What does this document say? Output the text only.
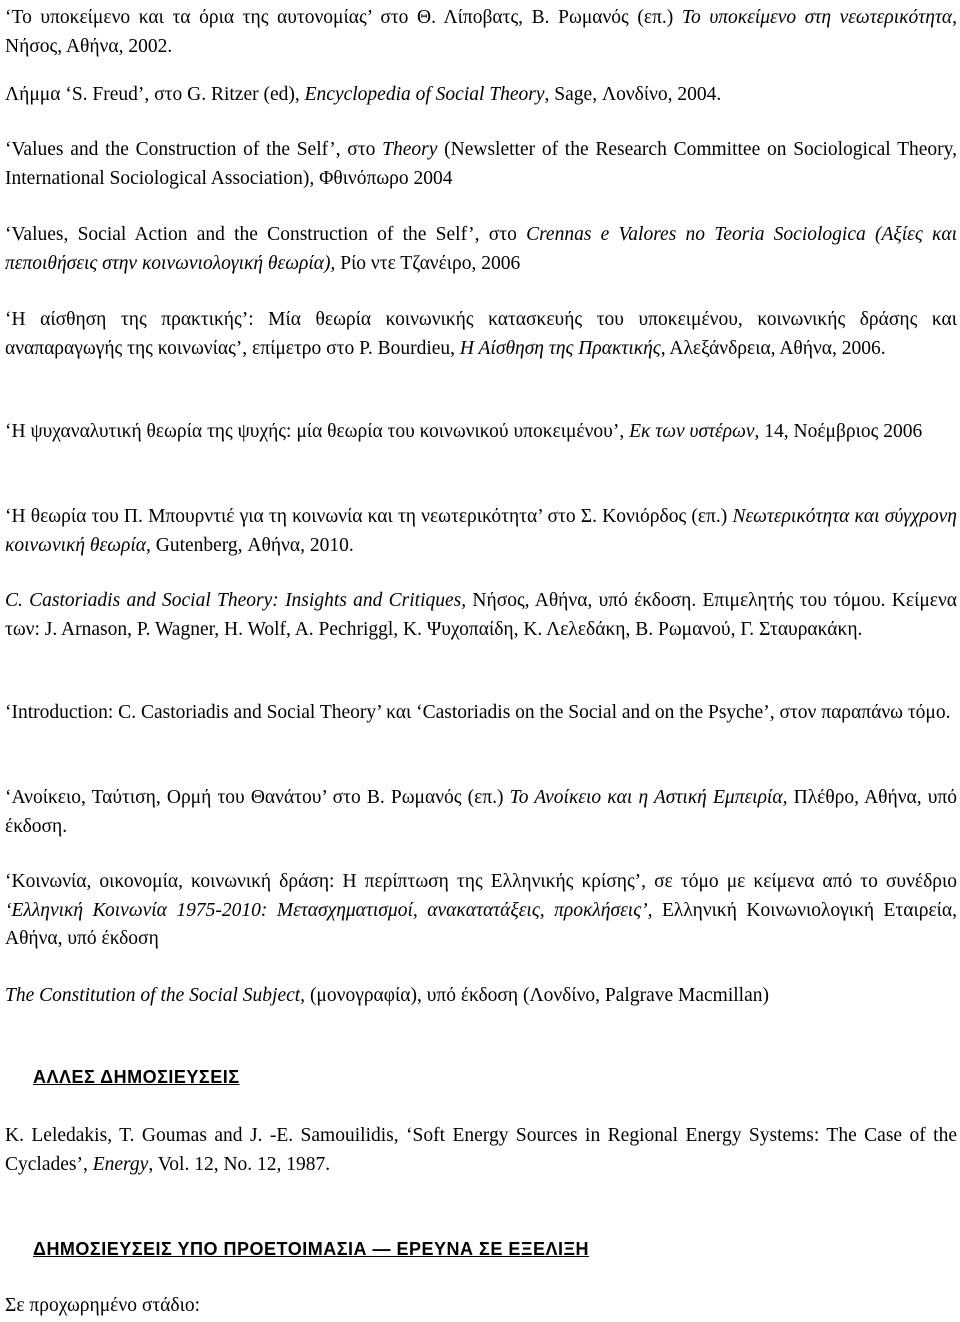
‘Το υποκείμενο και τα όρια της αυτονομίας’ στο Θ. Λίποβατς, Β. Ρωμανός (επ.) Το υποκείμενο στη νεωτερικότητα, Νήσος, Αθήνα, 2002.

Λήμμα ‘S. Freud’, στο G. Ritzer (ed), Encyclopedia of Social Theory, Sage, Λονδίνο, 2004.

‘Values and the Construction of the Self’, στο Theory (Newsletter of the Research Committee on Sociological Theory, International Sociological Association), Φθινόπωρο 2004

‘Values, Social Action and the Construction of the Self’, στο Crennas e Valores no Teoria Sociologica (Αξίες και πεποιθήσεις στην κοινωνιολογική θεωρία), Ρίο ντε Τζανέιρο, 2006

‘Η αίσθηση της πρακτικής’: Μία θεωρία κοινωνικής κατασκευής του υποκειμένου, κοινωνικής δράσης και αναπαραγωγής της κοινωνίας’, επίμετρο στο P. Bourdieu, Η Αίσθηση της Πρακτικής, Αλεξάνδρεια, Αθήνα, 2006.

‘Η ψυχαναλυτική θεωρία της ψυχής: μία θεωρία του κοινωνικού υποκειμένου’, Εκ των υστέρων, 14, Νοέμβριος 2006

‘Η θεωρία του Π. Μπουρντιέ για τη κοινωνία και τη νεωτερικότητα’ στο Σ. Κονιόρδος (επ.) Νεωτερικότητα και σύγχρονη κοινωνική θεωρία, Gutenberg, Αθήνα, 2010.

C. Castoriadis and Social Theory: Insights and Critiques, Νήσος, Αθήνα, υπό έκδοση. Επιμελητής του τόμου. Κείμενα των: J. Arnason, P. Wagner, H. Wolf, A. Pechriggl, K. Ψυχοπαίδη, Κ. Λελεδάκη, Β. Ρωμανού, Γ. Σταυρακάκη.

‘Introduction: C. Castoriadis and Social Theory’ και ‘Castoriadis on the Social and on the Psyche’, στον παραπάνω τόμο.

‘Ανοίκειο, Ταύτιση, Ορμή του Θανάτου’ στο Β. Ρωμανός (επ.) Το Ανοίκειο και η Αστική Εμπειρία, Πλέθρο, Αθήνα, υπό έκδοση.

‘Κοινωνία, οικονομία, κοινωνική δράση: Η περίπτωση της Ελληνικής κρίσης’, σε τόμο με κείμενα από το συνέδριο ‘Ελληνική Κοινωνία 1975-2010: Μετασχηματισμοί, ανακατατάξεις, προκλήσεις’, Ελληνική Κοινωνιολογική Εταιρεία, Αθήνα, υπό έκδοση

The Constitution of the Social Subject, (μονογραφία), υπό έκδοση (Λονδίνο, Palgrave Macmillan)

ΑΛΛΕΣ ΔΗΜΟΣΙΕΥΣΕΙΣ

K. Leledakis, T. Goumas and J. -E. Samouilidis, ‘Soft Energy Sources in Regional Energy Systems: The Case of the Cyclades’, Energy, Vol. 12, No. 12, 1987.

ΔΗΜΟΣΙΕΥΣΕΙΣ ΥΠΟ ΠΡΟΕΤΟΙΜΑΣΙΑ — ΕΡΕΥΝΑ ΣΕ ΕΞΕΛΙΞΗ

Σε προχωρημένο στάδιο:
